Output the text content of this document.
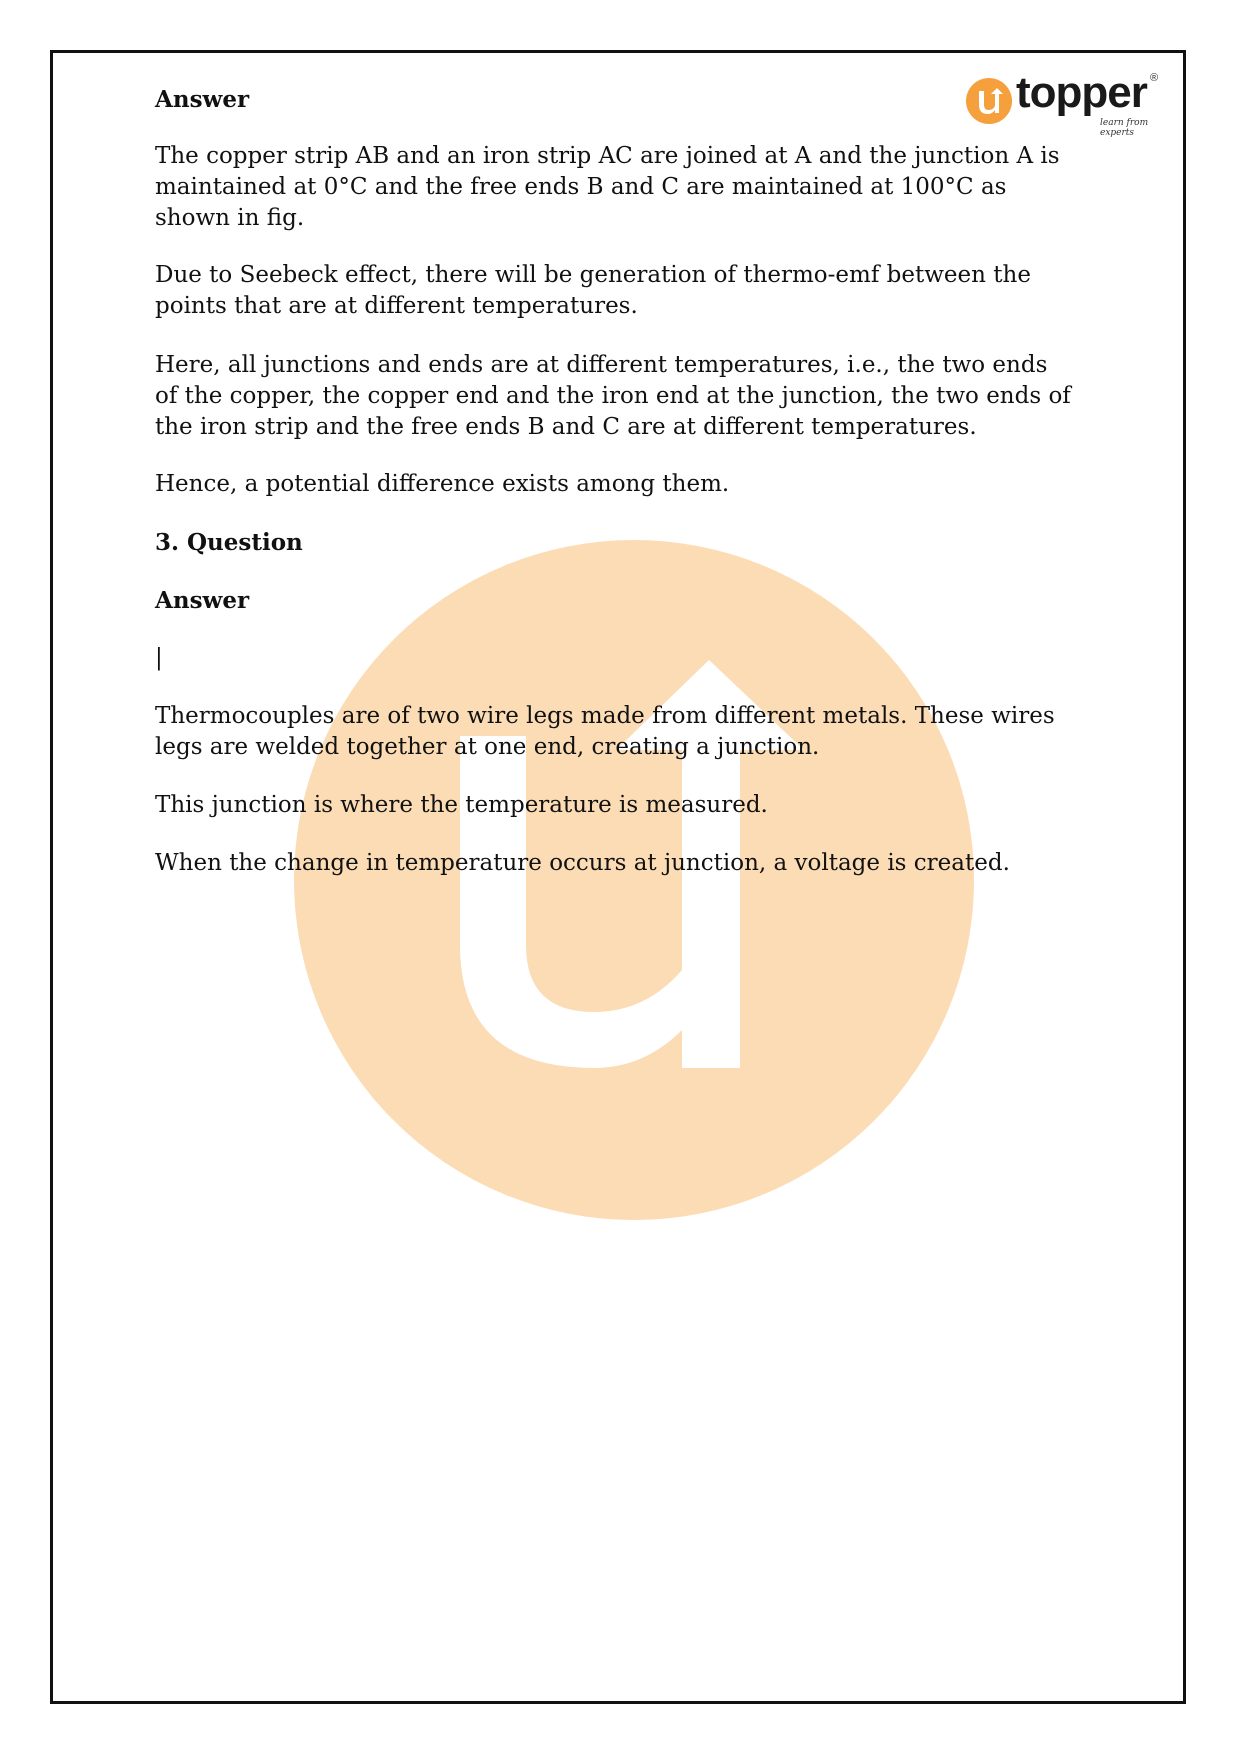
topper
learn from experts
®

Answer

The copper strip AB and an iron strip AC are joined at A and the junction A is maintained at 0°C and the free ends B and C are maintained at 100°C as shown in fig.

Due to Seebeck effect, there will be generation of thermo-emf between the points that are at different temperatures.

Here, all junctions and ends are at different temperatures, i.e., the two ends of the copper, the copper end and the iron end at the junction, the two ends of the iron strip and the free ends B and C are at different temperatures.

Hence, a potential difference exists among them.

3. Question

Answer

|

Thermocouples are of two wire legs made from different metals. These wires legs are welded together at one end, creating a junction.

This junction is where the temperature is measured.

When the change in temperature occurs at junction, a voltage is created.
